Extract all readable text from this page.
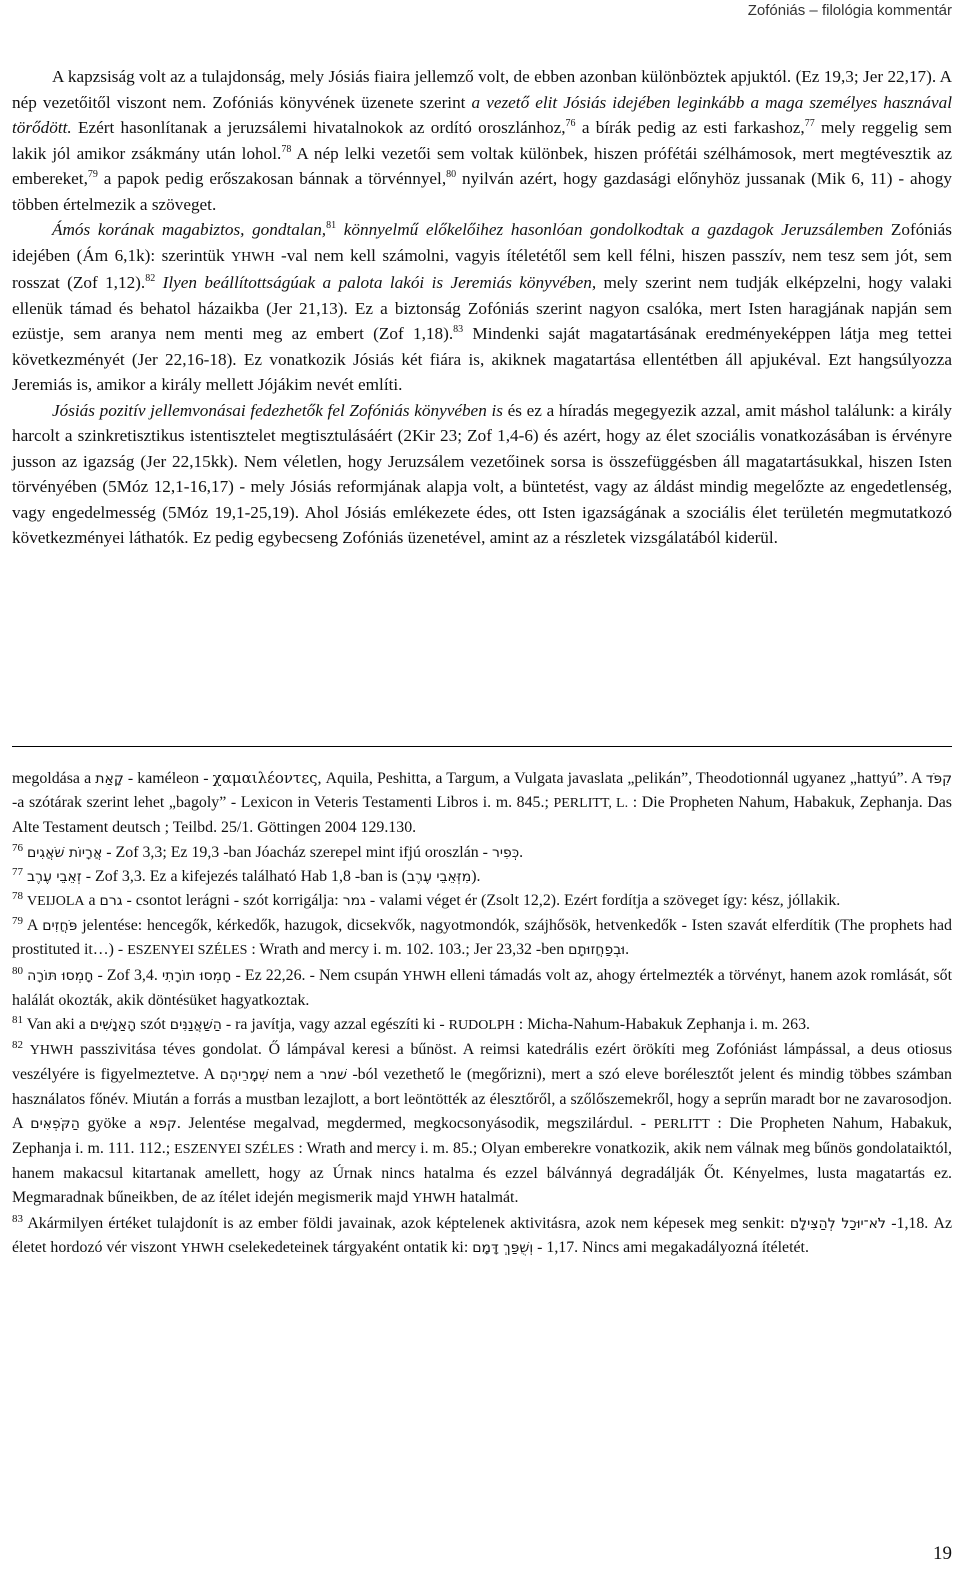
Zofóniás – filológia kommentár

A kapzsiság volt az a tulajdonság, mely Jósiás fiaira jellemző volt, de ebben azonban különböztek apjuktól. (Ez 19,3; Jer 22,17). A nép vezetőitől viszont nem. Zofóniás könyvének üzenete szerint a vezető elit Jósiás idejében leginkább a maga személyes hasznával törődött. Ezért hasonlítanak a jeruzsálemi hivatalnokok az ordító oroszlánhoz,$^{76}$ a bírák pedig az esti farkashoz,$^{77}$ mely reggelig sem lakik jól amikor zsákmány után lohol.$^{78}$ A nép lelki vezetői sem voltak különbek, hiszen prófétái szélhámosok, mert megtévesztik az embereket,$^{79}$ a papok pedig erőszakosan bánnak a törvénnyel,$^{80}$ nyilván azért, hogy gazdasági előnyhöz jussanak (Mik 6, 11) - ahogy többen értelmezik a szöveget.

Ámós korának magabiztos, gondtalan,$^{81}$ könnyelmű előkelőihez hasonlóan gondolkodtak a gazdagok Jeruzsálemben Zofóniás idejében (Ám 6,1k): szerintük YHWH -val nem kell számolni, vagyis ítéletétől sem kell félni, hiszen passzív, nem tesz sem jót, sem rosszat (Zof 1,12).$^{82}$ Ilyen beállítottságúak a palota lakói is Jeremiás könyvében, mely szerint nem tudják elképzelni, hogy valaki ellenük támad és behatol házaikba (Jer 21,13). Ez a biztonság Zofóniás szerint nagyon csalóka, mert Isten haragjának napján sem ezüstje, sem aranya nem menti meg az embert (Zof 1,18).$^{83}$ Mindenki saját magatartásának eredményeképpen látja meg tettei következményét (Jer 22,16-18). Ez vonatkozik Jósiás két fiára is, akiknek magatartása ellentétben áll apjukéval. Ezt hangsúlyozza Jeremiás is, amikor a király mellett Jójákim nevét említi.

Jósiás pozitív jellemvonásai fedezhetők fel Zofóniás könyvében is és ez a híradás megegyezik azzal, amit máshol találunk: a király harcolt a szinkretisztikus istentisztelet megtisztulásáért (2Kir 23; Zof 1,4-6) és azért, hogy az élet szociális vonatkozásában is érvényre jusson az igazság (Jer 22,15kk). Nem véletlen, hogy Jeruzsálem vezetőinek sorsa is összefüggésben áll magatartásukkal, hiszen Isten törvényében (5Móz 12,1-16,17) - mely Jósiás reformjának alapja volt, a büntetést, vagy az áldást mindig megelőzte az engedetlenség, vagy engedelmesség (5Móz 19,1-25,19). Ahol Jósiás emlékezete édes, ott Isten igazságának a szociális élet területén megmutatkozó következményei láthatók. Ez pedig egybecseng Zofóniás üzenetével, amint az a részletek vizsgálatából kiderül.

megoldása a קָאַת - kaméleon - χαμαιλέοντες, Aquila, Peshitta, a Targum, a Vulgata javaslata „pelikán”, Theodotionnál ugyanez „hattyú”. A קִפֹּד -a szótárak szerint lehet „bagoly” - Lexicon in Veteris Testamenti Libros i. m. 845.; PERLITT, L. : Die Propheten Nahum, Habakuk, Zephanja. Das Alte Testament deutsch ; Teilbd. 25/1. Göttingen 2004 129.130.

$^{76}$ אֲרָיוֹת שֹׁאֲגִים - Zof 3,3; Ez 19,3 -ban Jóacház szerepel mint ifjú oroszlán - כְּפִיר.

$^{77}$ זְאֵבֵי עֶרֶב - Zof 3,3. Ez a kifejezés található Hab 1,8 -ban is (מִזְּאֵבֵי עֶרֶב).

$^{78}$ VEIJOLA a גרם - csontot lerágni - szót korrigálja: גמר - valami véget ér (Zsolt 12,2). Ezért fordítja a szöveget így: kész, jóllakik.

$^{79}$ A פֹּחֲזִים jelentése: hencegők, kérkedők, hazugok, dicsekvők, nagyotmondók, szájhősök, hetvenkedők - Isten szavát elferdítik (The prophets had prostituted it…) - ESZENYEI SZÉLES : Wrath and mercy i. m. 102. 103.; Jer 23,32 -ben וּבְפַחֲזוּתָם.

$^{80}$ חָמְסוּ תּוֹרָה - Zof 3,4. חָמְסוּ תוֹרָתִי - Ez 22,26. - Nem csupán YHWH elleni támadás volt az, ahogy értelmezték a törvényt, hanem azok romlását, sőt halálát okozták, akik döntésüket hagyatkoztak.

$^{81}$ Van aki a הָאַנָשִׁים szót הַשַׁאֲנַנִּים - ra javítja, vagy azzal egészíti ki - RUDOLPH : Micha-Nahum-Habakuk Zephanja i. m. 263.

$^{82}$ YHWH passzivitása téves gondolat. Ő lámpával keresi a bűnöst. A reimsi katedrális ezért örökíti meg Zofóniást lámpással, a deus otiosus veszélyére is figyelmeztetve. A שְׁמָרֵיהֶם nem a שׁמר -ból vezethető le (megőrizni), mert a szó eleve borélesztőt jelent és mindig többes számban használatos főnév. Miután a forrás a mustban lezajlott, a bort leöntötték az élesztőről, a szőlőszemekről, hogy a seprűn maradt bor ne zavarosodjon. A הַקֹּפְאִים gyöke a קפא. Jelentése megalvad, megdermed, megkocsonyásodik, megszilárdul. - PERLITT : Die Propheten Nahum, Habakuk, Zephanja i. m. 111. 112.; ESZENYEI SZÉLES : Wrath and mercy i. m. 85.; Olyan emberekre vonatkozik, akik nem válnak meg bűnös gondolataiktól, hanem makacsul kitartanak amellett, hogy az Úrnak nincs hatalma és ezzel bálvánnyá degradálják Őt. Kényelmes, lusta magatartás ez. Megmaradnak bűneikben, de az ítélet idején megismerik majd YHWH hatalmát.

$^{83}$ Akármilyen értéket tulajdonít is az ember földi javainak, azok képtelenek aktivitásra, azok nem képesek meg senkit: לֹא־יוּכַל לְהַצִּילָם -1,18. Az életet hordozó vér viszont YHWH cselekedeteinek tárgyaként ontatik ki: וְשֻׁפַּךְ דָּמָם - 1,17. Nincs ami megakadályozná ítéletét.

19
